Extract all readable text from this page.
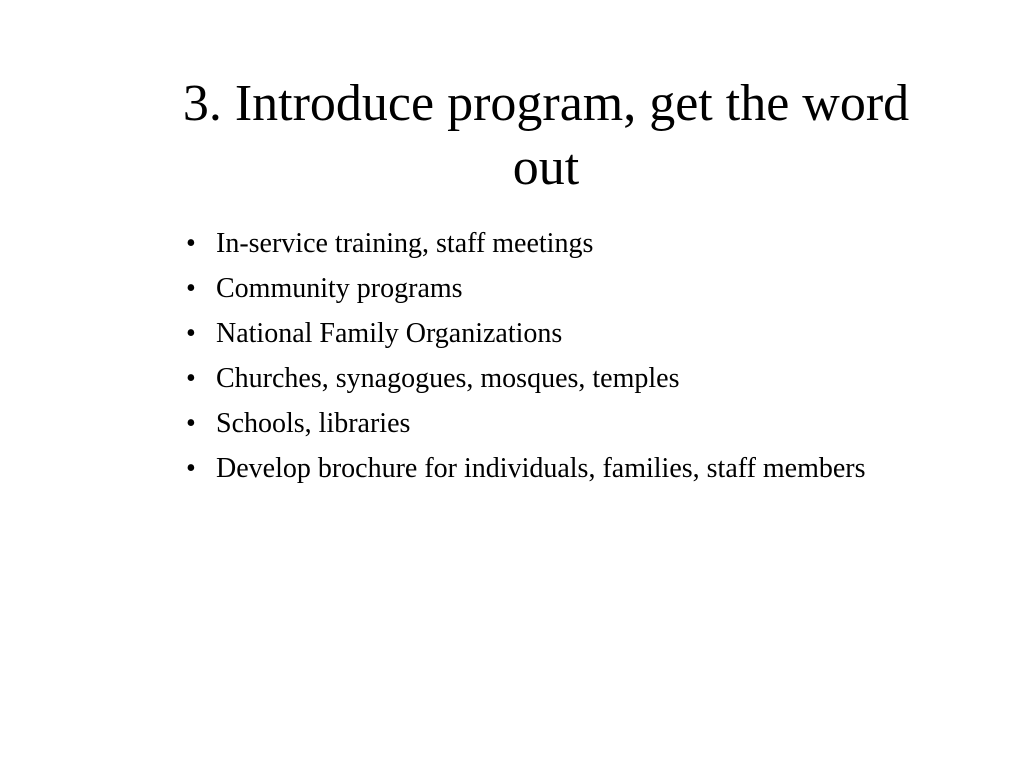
3. Introduce program, get the word
out
• In-service training, staff meetings
• Community programs
• National Family Organizations
• Churches, synagogues, mosques, temples
• Schools, libraries
• Develop brochure for individuals, families, staff members
